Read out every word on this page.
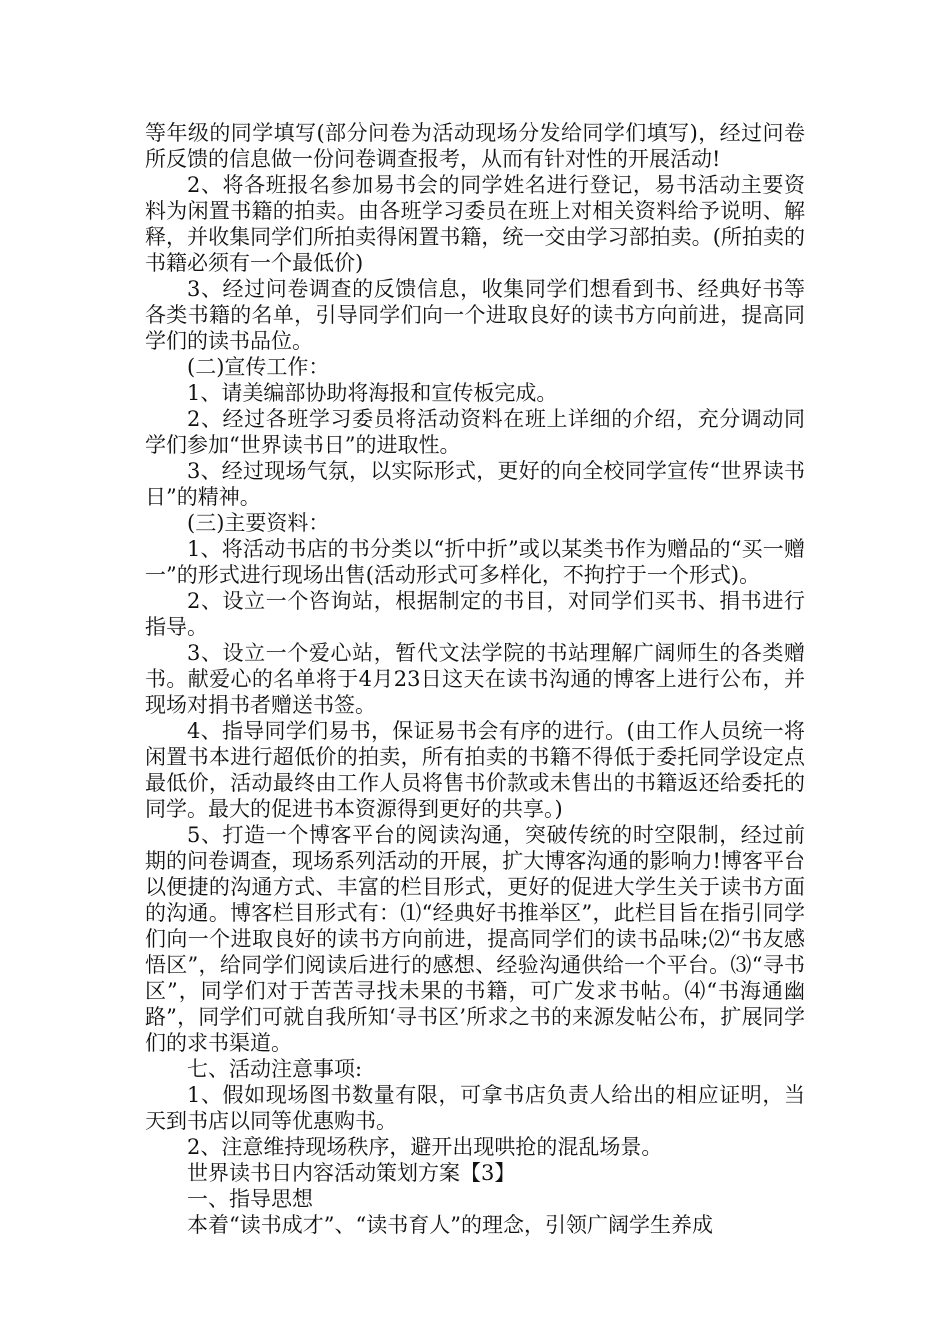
等年级的同学填写(部分问卷为活动现场分发给同学们填写)，经过问卷所反馈的信息做一份问卷调查报考，从而有针对性的开展活动!

2、将各班报名参加易书会的同学姓名进行登记，易书活动主要资料为闲置书籍的拍卖。由各班学习委员在班上对相关资料给予说明、解释，并收集同学们所拍卖得闲置书籍，统一交由学习部拍卖。(所拍卖的书籍必须有一个最低价)

3、经过问卷调查的反馈信息，收集同学们想看到书、经典好书等各类书籍的名单，引导同学们向一个进取良好的读书方向前进，提高同学们的读书品位。

(二)宣传工作：

1、请美编部协助将海报和宣传板完成。

2、经过各班学习委员将活动资料在班上详细的介绍，充分调动同学们参加“世界读书日”的进取性。

3、经过现场气氛，以实际形式，更好的向全校同学宣传“世界读书日”的精神。

(三)主要资料：

1、将活动书店的书分类以“折中折”或以某类书作为赠品的“买一赠一”的形式进行现场出售(活动形式可多样化，不拘拧于一个形式)。

2、设立一个咨询站，根据制定的书目，对同学们买书、捐书进行指导。

3、设立一个爱心站，暂代文法学院的书站理解广阔师生的各类赠书。献爱心的名单将于4月23日这天在读书沟通的博客上进行公布，并现场对捐书者赠送书签。

4、指导同学们易书，保证易书会有序的进行。(由工作人员统一将闲置书本进行超低价的拍卖，所有拍卖的书籍不得低于委托同学设定点最低价，活动最终由工作人员将售书价款或未售出的书籍返还给委托的同学。最大的促进书本资源得到更好的共享。)

5、打造一个博客平台的阅读沟通，突破传统的时空限制，经过前期的问卷调查，现场系列活动的开展，扩大博客沟通的影响力!博客平台以便捷的沟通方式、丰富的栏目形式，更好的促进大学生关于读书方面的沟通。博客栏目形式有：⑴“经典好书推举区”，此栏目旨在指引同学们向一个进取良好的读书方向前进，提高同学们的读书品味;⑵“书友感悟区”，给同学们阅读后进行的感想、经验沟通供给一个平台。⑶“寻书区”，同学们对于苦苦寻找未果的书籍，可广发求书帖。⑷“书海通幽路”，同学们可就自我所知‘寻书区’所求之书的来源发帖公布，扩展同学们的求书渠道。

七、活动注意事项:

1、假如现场图书数量有限，可拿书店负责人给出的相应证明，当天到书店以同等优惠购书。

2、注意维持现场秩序，避开出现哄抢的混乱场景。

世界读书日内容活动策划方案【3】

一、指导思想

本着“读书成才”、“读书育人”的理念，引领广阔学生养成
